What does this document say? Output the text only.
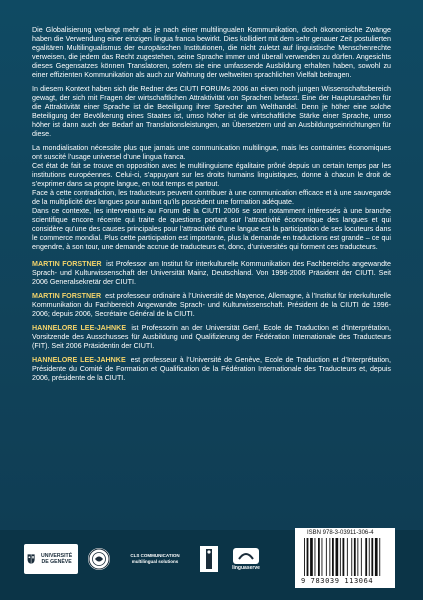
Die Globalisierung verlangt mehr als je nach einer multilingualen Kommunikation, doch ökonomische Zwänge haben die Verwendung einer einzigen lingua franca bewirkt. Dies kollidiert mit dem sehr genauer Zeit postulierten egalitären Multilingualismus der europäischen Institutionen, die nicht zuletzt auf linguistische Menschenrechte verweisen, die jedem das Recht zugestehen, seine Sprache immer und überall verwenden zu dürfen. Angesichts dieses Gegensatzes können Translatoren, sofern sie eine umfassende Ausbildung erhalten haben, sowohl zu einer effizienten Kommunikation als auch zur Wahrung der weltweiten sprachlichen Vielfalt beitragen.

In diesem Kontext haben sich die Redner des CIUTI FORUMs 2006 an einen noch jungen Wissenschaftsbereich gewagt, der sich mit Fragen der wirtschaftlichen Attraktivität von Sprachen befasst. Eine der Hauptursachen für die Attraktivität einer Sprache ist die Beteiligung ihrer Sprecher am Welthandel. Denn je höher eine solche Beteiligung der Bevölkerung eines Staates ist, umso höher ist die wirtschaftliche Stärke einer Sprache, umso höher ist dann auch der Bedarf an Translationsleistungen, an Übersetzern und an Ausbildungseinrichtungen für diese.

La mondialisation nécessite plus que jamais une communication multilingue, mais les contraintes économiques ont suscité l’usage universel d’une lingua franca.

Cet état de fait se trouve en opposition avec le multilinguisme égalitaire prôné depuis un certain temps par les institutions européennes. Celui-ci, s’appuyant sur les droits humains linguistiques, donne à chacun le droit de s’exprimer dans sa propre langue, en tout temps et partout.

Face à cette contradiction, les traducteurs peuvent contribuer à une communication efficace et à une sauvegarde de la multiplicité des langues pour autant qu’ils possèdent une formation adéquate.

Dans ce contexte, les intervenants au Forum de la CIUTI 2006 se sont notamment intéressés à une branche scientifique encore récente qui traite de questions portant sur l’attractivité économique des langues et qui considère qu’une des causes principales pour l’attractivité d’une langue est la participation de ses locuteurs dans le commerce mondial. Plus cette participation est importante, plus la demande en traductions est grande – ce qui engendre, à son tour, une demande accrue de traducteurs et, donc, d’universités qui forment ces traducteurs.

MARTIN FORSTNER ist Professor am Institut für interkulturelle Kommunikation des Fachbereichs angewandte Sprach- und Kulturwissenschaft der Universität Mainz, Deutschland. Von 1996-2006 Präsident der CIUTI. Seit 2006 Generalsekretär der CIUTI.

MARTIN FORSTNER est professeur ordinaire à l’Université de Mayence, Allemagne, à l’Institut für interkulturelle Kommunikation du Fachbereich Angewandte Sprach- und Kulturwissenschaft. Président de la CIUTI de 1996-2006; depuis 2006, Secrétaire Général de la CIUTI.

HANNELORE LEE-JAHNKE ist Professorin an der Universität Genf, Ecole de Traduction et d’Interprétation, Vorsitzende des Ausschusses für Ausbildung und Qualifizierung der Fédération Internationale des Traducteurs (FIT). Seit 2006 Präsidentin der CIUTI.

HANNELORE LEE-JAHNKE est professeur à l’Université de Genève, Ecole de Traduction et d’Interprétation, Présidente du Comité de Formation et Qualification de la Fédération Internationale des Traducteurs et, depuis 2006, présidente de la CIUTI.

UNIVERSITÉ DE GENÈVE
CLS COMMUNICATION
multilingual solutions
linguaserve
ISBN 978-3-03911-306-4
9 783039 113064
